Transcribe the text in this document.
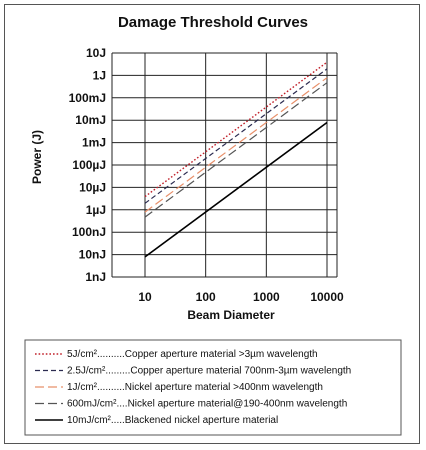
Damage Threshold Curves
1nJ
10nJ
100nJ
1µJ
10µJ
100µJ
1mJ
10mJ
100mJ
1J
10J
10	100	1000	10000
Power (J)
Beam Diameter
5J/cm²..........Copper aperture material >3µm wavelength
2.5J/cm².........Copper aperture material 700nm-3µm wavelength
1J/cm²..........Nickel aperture material >400nm wavelength
600mJ/cm²....Nickel aperture material@190-400nm wavelength
10mJ/cm².....Blackened nickel aperture material
